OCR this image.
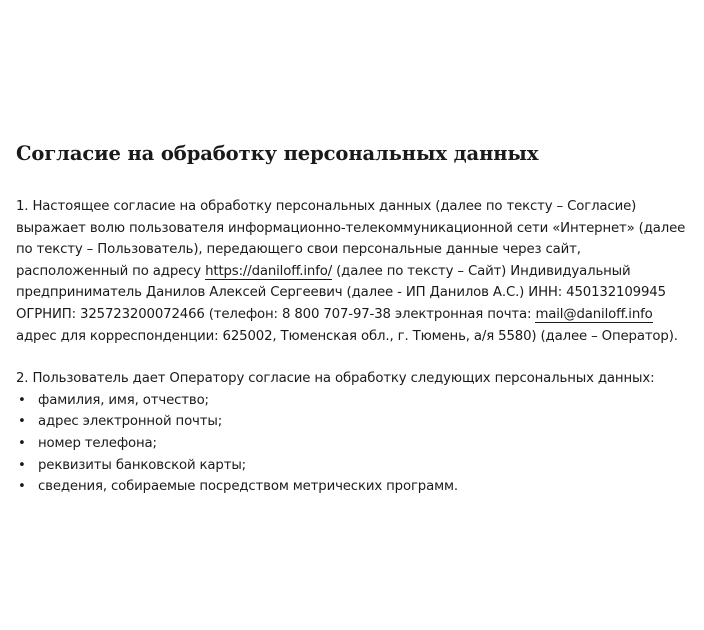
Согласие на обработку персональных данных

1. Настоящее согласие на обработку персональных данных (далее по тексту – Согласие) выражает волю пользователя информационно-телекоммуникационной сети «Интернет» (далее по тексту – Пользователь), передающего свои персональные данные через сайт, расположенный по адресу https://daniloff.info/ (далее по тексту – Сайт) Индивидуальный предприниматель Данилов Алексей Сергеевич (далее - ИП Данилов А.С.) ИНН: 450132109945 ОГРНИП: 325723200072466 (телефон: 8 800 707-97-38 электронная почта: mail@daniloff.info адрес для корреспонденции: 625002, Тюменская обл., г. Тюмень, а/я 5580) (далее – Оператор).

2. Пользователь дает Оператору согласие на обработку следующих персональных данных:

• фамилия, имя, отчество;
• адрес электронной почты;
• номер телефона;
• реквизиты банковской карты;
• сведения, собираемые посредством метрических программ.
